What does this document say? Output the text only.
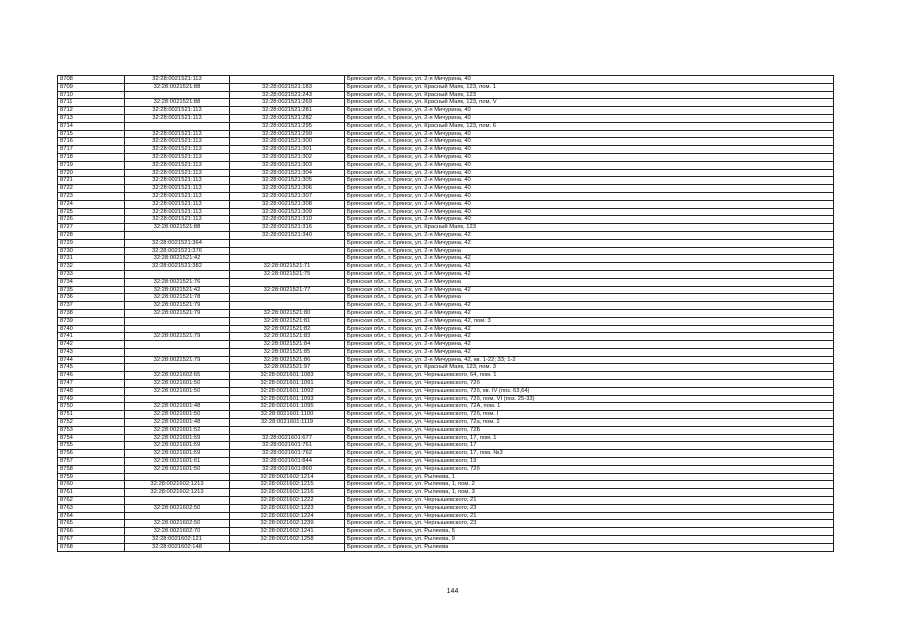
8708	32:28:0021521:113		Брянская обл., г. Брянск, ул. 2-я Мичурина, 40
8709	32:28:0021521:88	32:28:0021521:183	Брянская обл., г. Брянск, ул. Красный Маяк, 123, пом. 1
8710		32:28:0021521:243	Брянская обл., г. Брянск, ул. Красный Маяк, 123
8711	32:28:0021521:88	32:28:0021521:269	Брянская обл., г. Брянск, ул. Красный Маяк, 123, пом. V
8712	32:28:0021521:113	32:28:0021521:281	Брянская обл., г. Брянск, ул. 2-я Мичурина, 40
8713	32:28:0021521:113	32:28:0021521:282	Брянская обл., г. Брянск, ул. 2-я Мичурина, 40
8714		32:28:0021521:295	Брянская обл., г. Брянск, ул. Красный Маяк, 123, пом. 6
8715	32:28:0021521:113	32:28:0021521:299	Брянская обл., г. Брянск, ул. 2-я Мичурина, 40
8716	32:28:0021521:113	32:28:0021521:300	Брянская обл., г. Брянск, ул. 2-я Мичурина, 40
8717	32:28:0021521:113	32:28:0021521:301	Брянская обл., г. Брянск, ул. 2-я Мичурина, 40
8718	32:28:0021521:113	32:28:0021521:302	Брянская обл., г. Брянск, ул. 2-я Мичурина, 40
8719	32:28:0021521:113	32:28:0021521:303	Брянская обл., г. Брянск, ул. 2-я Мичурина, 40
8720	32:28:0021521:113	32:28:0021521:304	Брянская обл., г. Брянск, ул. 2-я Мичурина, 40
8721	32:28:0021521:113	32:28:0021521:305	Брянская обл., г. Брянск, ул. 2-я Мичурина, 40
8722	32:28:0021521:113	32:28:0021521:306	Брянская обл., г. Брянск, ул. 2-я Мичурина, 40
8723	32:28:0021521:113	32:28:0021521:307	Брянская обл., г. Брянск, ул. 2-я Мичурина, 40
8724	32:28:0021521:113	32:28:0021521:308	Брянская обл., г. Брянск, ул. 2-я Мичурина, 40
8725	32:28:0021521:113	32:28:0021521:309	Брянская обл., г. Брянск, ул. 2-я Мичурина, 40
8726	32:28:0021521:113	32:28:0021521:310	Брянская обл., г. Брянск, ул. 2-я Мичурина, 40
8727	32:28:0021521:88	32:28:0021521:316	Брянская обл., г. Брянск, ул. Красный Маяк, 123
8728		32:28:0021521:340	Брянская обл., г. Брянск, ул. 2-я Мичурина, 42
8729	32:28:0021521:364		Брянская обл., г. Брянск, ул. 2-я Мичурина, 42
8730	32:28:0021521:376		Брянская обл., г. Брянск, ул. 2-я Мичурина
8731	32:28:0021521:42		Брянская обл., г. Брянск, ул. 2-я Мичурина, 42
8732	32:28:0021521:382	32:28:0021521:71	Брянская обл., г. Брянск, ул. 2-я Мичурина, 42
8733		32:28:0021521:75	Брянская обл., г. Брянск, ул. 2-я Мичурина, 42
8734	32:28:0021521:76		Брянская обл., г. Брянск, ул. 2-я Мичурина
8735	32:28:0021521:42	32:28:0021521:77	Брянская обл., г. Брянск, ул. 2-я Мичурина, 42
8736	32:28:0021521:78		Брянская обл., г. Брянск, ул. 2-я Мичурина
8737	32:28:0021521:79		Брянская обл., г. Брянск, ул. 2-я Мичурина, 42
8738	32:28:0021521:79	32:28:0021521:80	Брянская обл., г. Брянск, ул. 2-я Мичурина, 42
8739		32:28:0021521:81	Брянская обл., г. Брянск, ул. 2-я Мичурина, 42, пом. 3
8740		32:28:0021521:82	Брянская обл., г. Брянск, ул. 2-я Мичурина, 42
8741	32:28:0021521:79	32:28:0021521:83	Брянская обл., г. Брянск, ул. 2-я Мичурина, 42
8742		32:28:0021521:84	Брянская обл., г. Брянск, ул. 2-я Мичурина, 42
8743		32:28:0021521:85	Брянская обл., г. Брянск, ул. 2-я Мичурина, 42
8744	32:28:0021521:79	32:28:0021521:86	Брянская обл., г. Брянск, ул. 2-я Мичурина, 42, кв. 1-22; 33; 1-2
8745		32:28:0021521:97	Брянская обл., г. Брянск, ул. Красный Маяк, 123, пом. 3
8746	32:28:0021602:65	32:28:0021601:1083	Брянская обл., г. Брянск, ул. Чернышевского, 64, пом. 1
8747	32:28:0021601:50	32:28:0021601:1091	Брянская обл., г. Брянск, ул. Чернышевского, 72б
8748	32:28:0021601:50	32:28:0021601:1092	Брянская обл., г. Брянск, ул. Чернышевского, 72б, кв. IV (поз. 63,64)
8749		32:28:0021601:1093	Брянская обл., г. Брянск, ул. Чернышевского, 72б, пом. VI (поз. 25-33)
8750	32:28:0021601:48	32:28:0021601:1095	Брянская обл., г. Брянск, ул. Чернышевского, 72А, пом. 1
8751	32:28:0021601:50	32:28:0021601:1100	Брянская обл., г. Брянск, ул. Чернышевского, 72б, пом. I
8752	32:28:0021601:48	32:28:0021601:1119	Брянская обл., г. Брянск, ул. Чернышевского, 72а, пом. 2
8753	32:28:0021601:52		Брянская обл., г. Брянск, ул. Чернышевского, 72Б
8754	32:28:0021601:59	32:28:0021601:677	Брянская обл., г. Брянск, ул. Чернышевского, 17, пом. 1
8755	32:28:0021601:59	32:28:0021601:761	Брянская обл., г. Брянск, ул. Чернышевского, 17
8756	32:28:0021601:59	32:28:0021601:762	Брянская обл., г. Брянск, ул. Чернышевского, 17, пом. №3
8757	32:28:0021601:61	32:28:0021601:844	Брянская обл., г. Брянск, ул. Чернышевского, 19
8758	32:28:0021601:50	32:28:0021601:860	Брянская обл., г. Брянск, ул. Чернышевского, 72б
8759		32:28:0021602:1214	Брянская обл., г. Брянск, ул. Рылеева, 1
8760	32:28:0021602:1213	32:28:0021602:1215	Брянская обл., г. Брянск, ул. Рылеева, 1, пом. 2
8761	32:28:0021602:1213	32:28:0021602:1216	Брянская обл., г. Брянск, ул. Рылеева, 1, пом. 3
8762		32:28:0021602:1222	Брянская обл., г. Брянск, ул. Чернышевского, 21
8763	32:28:0021602:50	32:28:0021602:1223	Брянская обл., г. Брянск, ул. Чернышевского, 23
8764		32:28:0021602:1224	Брянская обл., г. Брянск, ул. Чернышевского, 21
8765	32:28:0021602:50	32:28:0021602:1239	Брянская обл., г. Брянск, ул. Чернышевского, 23
8766	32:28:0021602:70	32:28:0021602:1241	Брянская обл., г. Брянск, ул. Рылеева, 5
8767	32:28:0021602:121	32:28:0021602:1258	Брянская обл., г. Брянск, ул. Рылеева, 9
8768	32:28:0021602:148		Брянская обл., г. Брянск, ул. Рылеева
144
